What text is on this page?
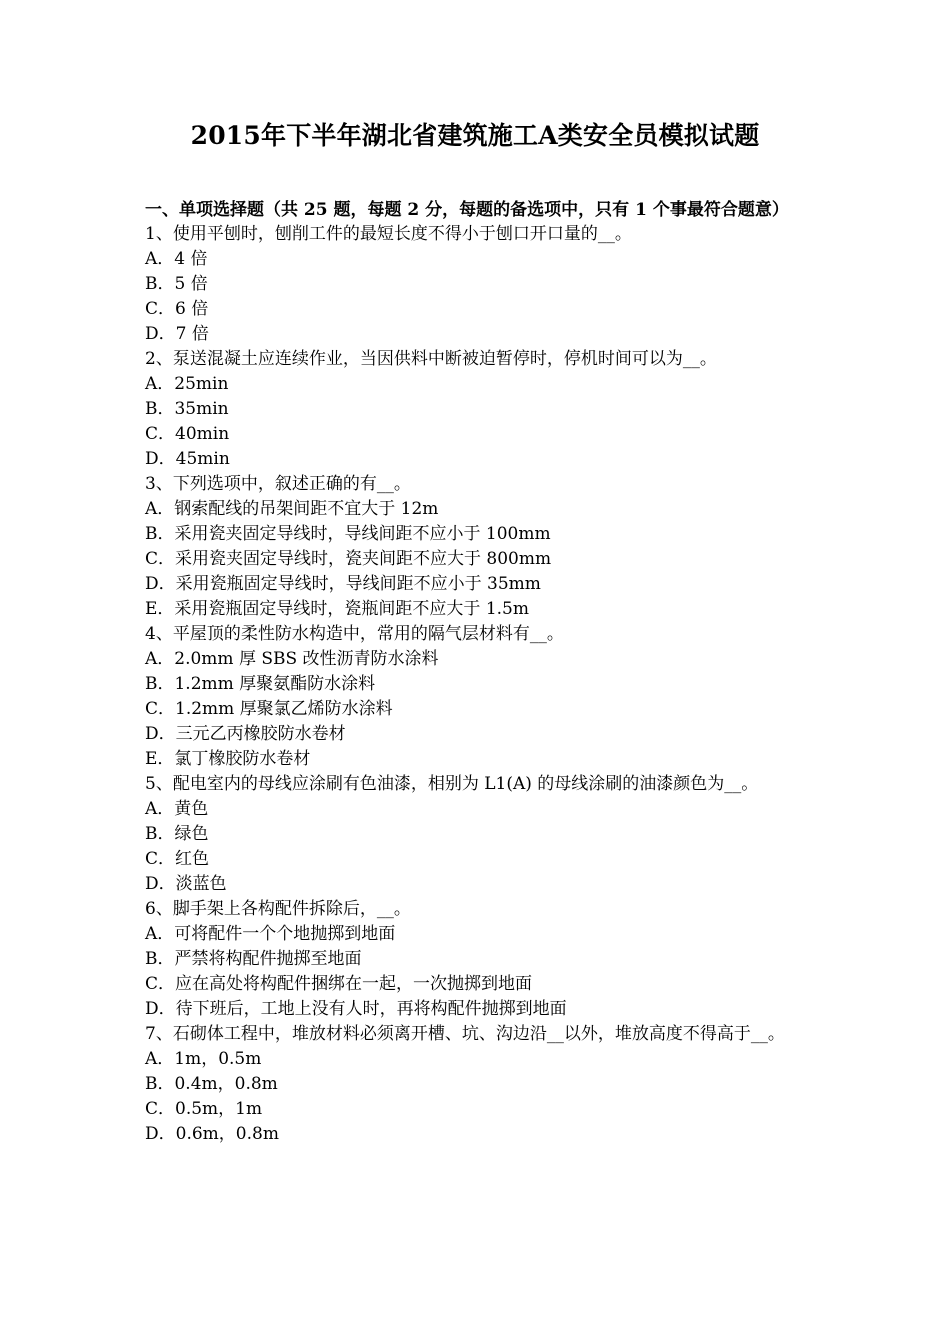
2015年下半年湖北省建筑施工A类安全员模拟试题
一、单项选择题（共 25 题，每题 2 分，每题的备选项中，只有 1 个事最符合题意）
1、使用平刨时，刨削工件的最短长度不得小于刨口开口量的__。
A．4 倍
B．5 倍
C．6 倍
D．7 倍
2、泵送混凝土应连续作业，当因供料中断被迫暂停时，停机时间可以为__。
A．25min
B．35min
C．40min
D．45min
3、下列选项中，叙述正确的有__。
A．钢索配线的吊架间距不宜大于 12m
B．采用瓷夹固定导线时，导线间距不应小于 100mm
C．采用瓷夹固定导线时，瓷夹间距不应大于 800mm
D．采用瓷瓶固定导线时，导线间距不应小于 35mm
E．采用瓷瓶固定导线时，瓷瓶间距不应大于 1.5m
4、平屋顶的柔性防水构造中，常用的隔气层材料有__。
A．2.0mm 厚 SBS 改性沥青防水涂料
B．1.2mm 厚聚氨酯防水涂料
C．1.2mm 厚聚氯乙烯防水涂料
D．三元乙丙橡胶防水卷材
E．氯丁橡胶防水卷材
5、配电室内的母线应涂刷有色油漆，相别为 L1(A) 的母线涂刷的油漆颜色为__。
A．黄色
B．绿色
C．红色
D．淡蓝色
6、脚手架上各构配件拆除后，__。
A．可将配件一个个地抛掷到地面
B．严禁将构配件抛掷至地面
C．应在高处将构配件捆绑在一起，一次抛掷到地面
D．待下班后，工地上没有人时，再将构配件抛掷到地面
7、石砌体工程中，堆放材料必须离开槽、坑、沟边沿__以外，堆放高度不得高于__。
A．1m，0.5m
B．0.4m，0.8m
C．0.5m，1m
D．0.6m，0.8m
